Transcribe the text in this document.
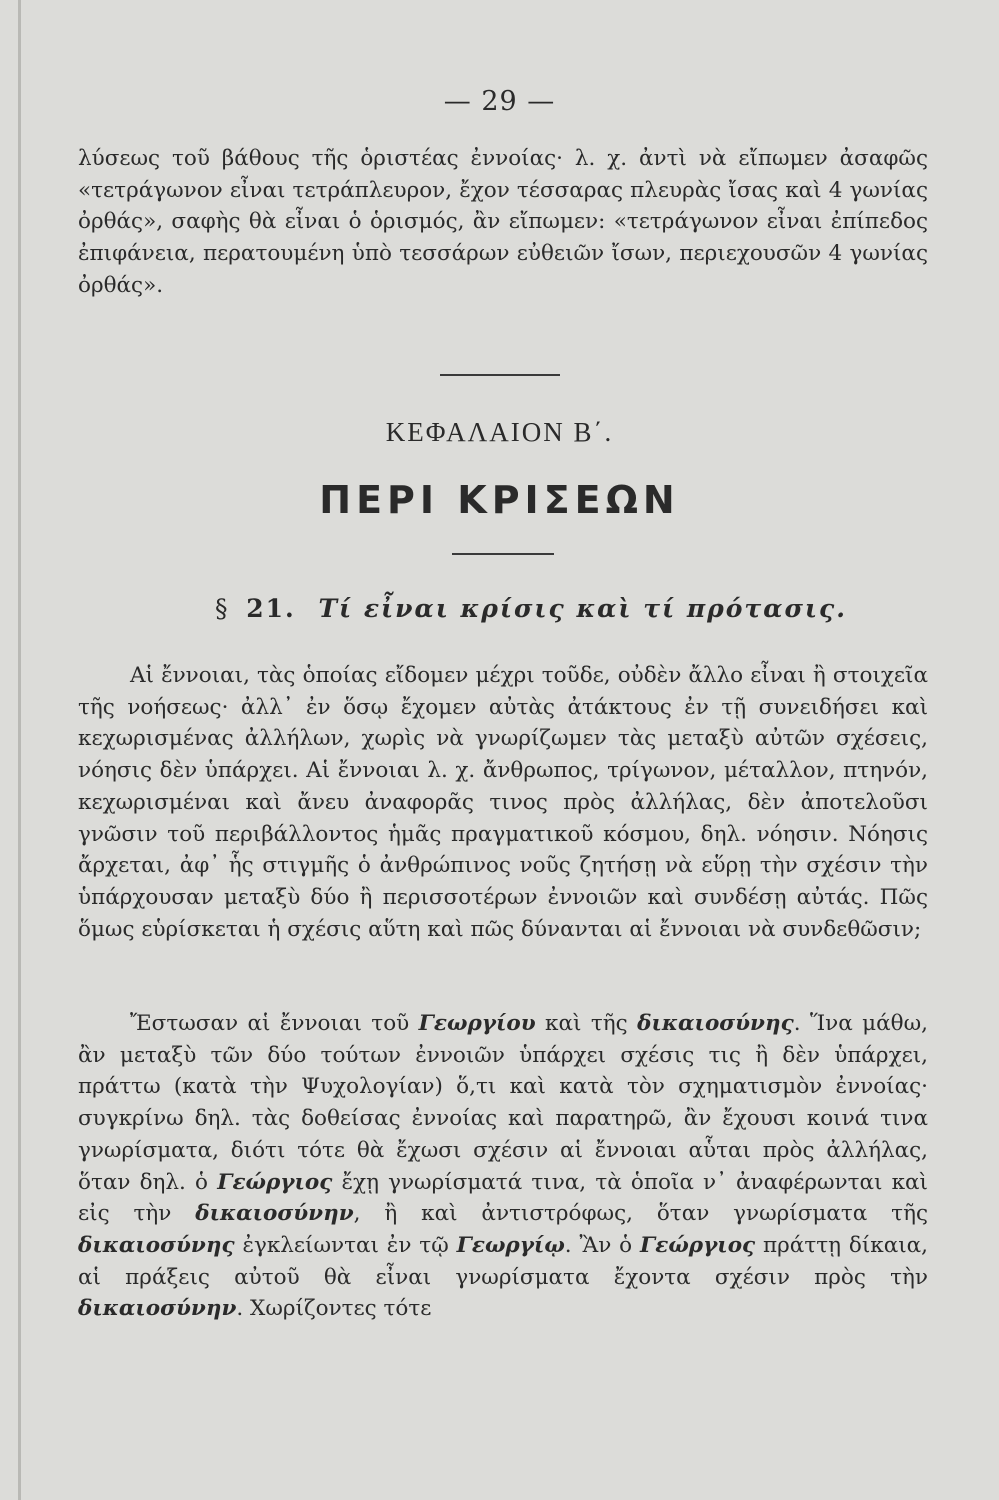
— 29 —

λύσεως τοῦ βάθους τῆς ὁριστέας ἐννοίας· λ. χ. ἀντὶ νὰ εἴπωμεν ἀσαφῶς «τετράγωνον εἶναι τετράπλευρον, ἔχον τέσσαρας πλευρὰς ἴσας καὶ 4 γωνίας ὀρθάς», σαφὴς θὰ εἶναι ὁ ὁρισμός, ἂν εἴπωμεν: «τετράγωνον εἶναι ἐπίπεδος ἐπιφάνεια, περατουμένη ὑπὸ τεσσάρων εὐθειῶν ἴσων, περιεχουσῶν 4 γωνίας ὀρθάς».

ΚΕΦΑΛΑΙΟΝ Β΄.
ΠΕΡΙ ΚΡΙΣΕΩΝ
§ 21. Τί εἶναι κρίσις καὶ τί πρότασις.

Αἱ ἔννοιαι, τὰς ὁποίας εἴδομεν μέχρι τοῦδε, οὐδὲν ἄλλο εἶναι ἢ στοιχεῖα τῆς νοήσεως· ἀλλ᾽ ἐν ὅσῳ ἔχομεν αὐτὰς ἀτάκτους ἐν τῇ συνειδήσει καὶ κεχωρισμένας ἀλλήλων, χωρὶς νὰ γνωρίζωμεν τὰς μεταξὺ αὐτῶν σχέσεις, νόησις δὲν ὑπάρχει. Αἱ ἔννοιαι λ. χ. ἄνθρωπος, τρίγωνον, μέταλλον, πτηνόν, κεχωρισμέναι καὶ ἄνευ ἀναφορᾶς τινος πρὸς ἀλλήλας, δὲν ἀποτελοῦσι γνῶσιν τοῦ περιβάλλοντος ἡμᾶς πραγματικοῦ κόσμου, δηλ. νόησιν. Νόησις ἄρχεται, ἀφ᾽ ἧς στιγμῆς ὁ ἀνθρώπινος νοῦς ζητήσῃ νὰ εὕρῃ τὴν σχέσιν τὴν ὑπάρχουσαν μεταξὺ δύο ἢ περισσοτέρων ἐννοιῶν καὶ συνδέσῃ αὐτάς. Πῶς ὅμως εὑρίσκεται ἡ σχέσις αὕτη καὶ πῶς δύνανται αἱ ἔννοιαι νὰ συνδεθῶσιν;

Ἔστωσαν αἱ ἔννοιαι τοῦ Γεωργίου καὶ τῆς δικαιοσύνης. Ἵνα μάθω, ἂν μεταξὺ τῶν δύο τούτων ἐννοιῶν ὑπάρχει σχέσις τις ἢ δὲν ὑπάρχει, πράττω (κατὰ τὴν Ψυχολογίαν) ὅ,τι καὶ κατὰ τὸν σχηματισμὸν ἐννοίας· συγκρίνω δηλ. τὰς δοθείσας ἐννοίας καὶ παρατηρῶ, ἂν ἔχουσι κοινά τινα γνωρίσματα, διότι τότε θὰ ἔχωσι σχέσιν αἱ ἔννοιαι αὗται πρὸς ἀλλήλας, ὅταν δηλ. ὁ Γεώργιος ἔχῃ γνωρίσματά τινα, τὰ ὁποῖα ν᾽ ἀναφέρωνται καὶ εἰς τὴν δικαιοσύνην, ἢ καὶ ἀντιστρόφως, ὅταν γνωρίσματα τῆς δικαιοσύνης ἐγκλείωνται ἐν τῷ Γεωργίῳ. Ἂν ὁ Γεώργιος πράττῃ δίκαια, αἱ πράξεις αὐτοῦ θὰ εἶναι γνωρίσματα ἔχοντα σχέσιν πρὸς τὴν δικαιοσύνην. Χωρίζοντες τότε
